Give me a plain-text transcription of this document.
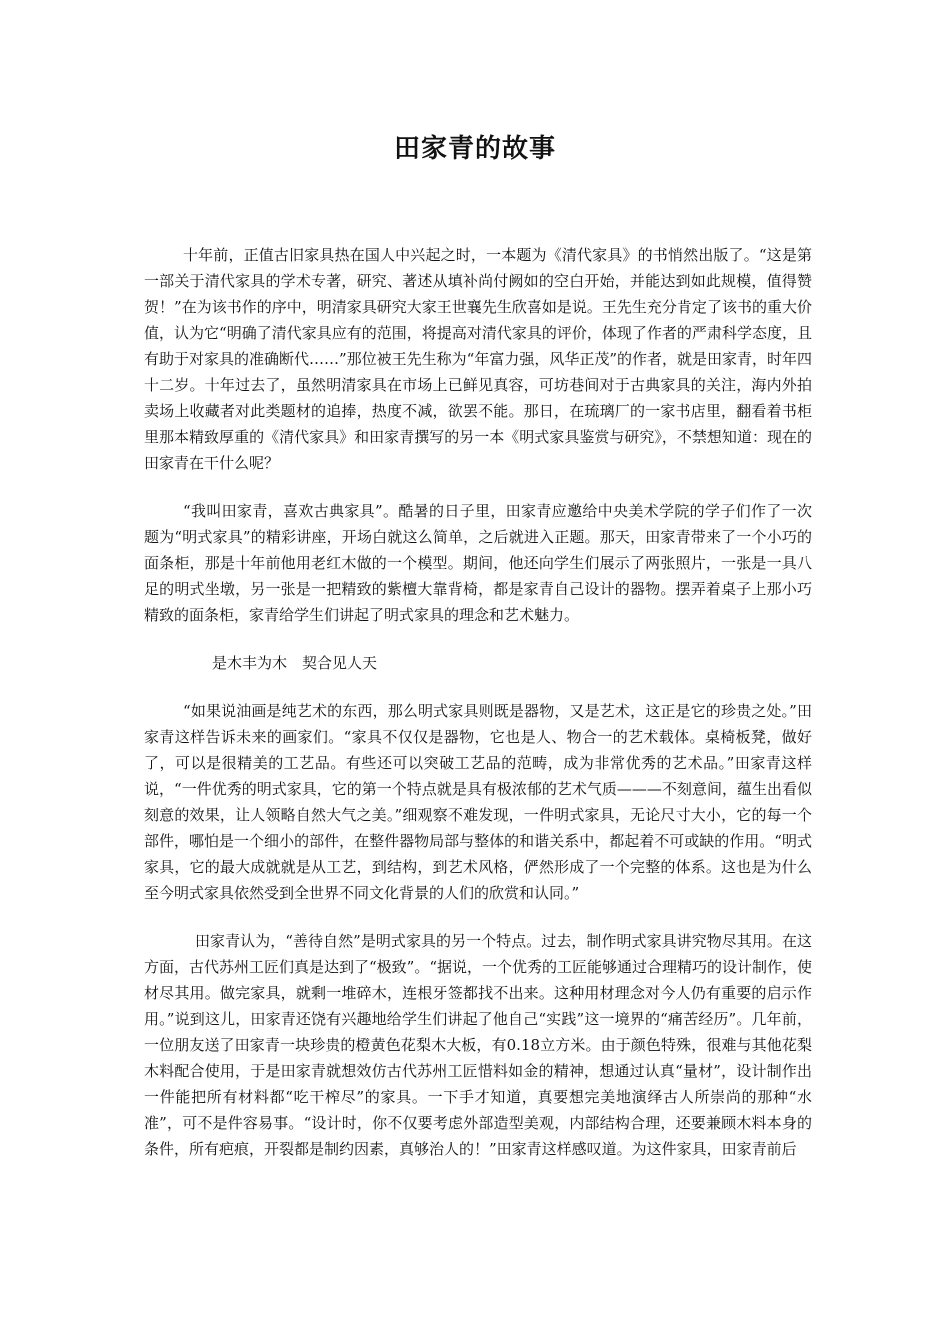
田家青的故事

十年前，正值古旧家具热在国人中兴起之时，一本题为《清代家具》的书悄然出版了。“这是第一部关于清代家具的学术专著，研究、著述从填补尚付阙如的空白开始，并能达到如此规模，值得赞贺！”在为该书作的序中，明清家具研究大家王世襄先生欣喜如是说。王先生充分肯定了该书的重大价值，认为它“明确了清代家具应有的范围，将提高对清代家具的评价，体现了作者的严肃科学态度，且有助于对家具的准确断代……”那位被王先生称为“年富力强，风华正茂”的作者，就是田家青，时年四十二岁。十年过去了，虽然明清家具在市场上已鲜见真容，可坊巷间对于古典家具的关注，海内外拍卖场上收藏者对此类题材的追捧，热度不减，欲罢不能。那日，在琉璃厂的一家书店里，翻看着书柜里那本精致厚重的《清代家具》和田家青撰写的另一本《明式家具鉴赏与研究》，不禁想知道：现在的田家青在干什么呢？

“我叫田家青，喜欢古典家具”。酷暑的日子里，田家青应邀给中央美术学院的学子们作了一次题为“明式家具”的精彩讲座，开场白就这么简单，之后就进入正题。那天，田家青带来了一个小巧的面条柜，那是十年前他用老红木做的一个模型。期间，他还向学生们展示了两张照片，一张是一具八足的明式坐墩，另一张是一把精致的紫檀大靠背椅，都是家青自己设计的器物。摆弄着桌子上那小巧精致的面条柜，家青给学生们讲起了明式家具的理念和艺术魅力。

是木丰为木　契合见人天

“如果说油画是纯艺术的东西，那么明式家具则既是器物，又是艺术，这正是它的珍贵之处。”田家青这样告诉未来的画家们。“家具不仅仅是器物，它也是人、物合一的艺术载体。桌椅板凳，做好了，可以是很精美的工艺品。有些还可以突破工艺品的范畴，成为非常优秀的艺术品。”田家青这样说，“一件优秀的明式家具，它的第一个特点就是具有极浓郁的艺术气质———不刻意间，蕴生出看似刻意的效果，让人领略自然大气之美。”细观察不难发现，一件明式家具，无论尺寸大小，它的每一个部件，哪怕是一个细小的部件，在整件器物局部与整体的和谐关系中，都起着不可或缺的作用。“明式家具，它的最大成就就是从工艺，到结构，到艺术风格，俨然形成了一个完整的体系。这也是为什么至今明式家具依然受到全世界不同文化背景的人们的欣赏和认同。”

田家青认为，“善待自然”是明式家具的另一个特点。过去，制作明式家具讲究物尽其用。在这方面，古代苏州工匠们真是达到了“极致”。“据说，一个优秀的工匠能够通过合理精巧的设计制作，使材尽其用。做完家具，就剩一堆碎木，连根牙签都找不出来。这种用材理念对今人仍有重要的启示作用。”说到这儿，田家青还饶有兴趣地给学生们讲起了他自己“实践”这一境界的“痛苦经历”。几年前，一位朋友送了田家青一块珍贵的橙黄色花梨木大板，有0.18立方米。由于颜色特殊，很难与其他花梨木料配合使用，于是田家青就想效仿古代苏州工匠惜料如金的精神，想通过认真“量材”，设计制作出一件能把所有材料都“吃干榨尽”的家具。一下手才知道，真要想完美地演绎古人所崇尚的那种“水准”，可不是件容易事。“设计时，你不仅要考虑外部造型美观，内部结构合理，还要兼顾木料本身的条件，所有疤痕，开裂都是制约因素，真够治人的！”田家青这样感叹道。为这件家具，田家青前后
